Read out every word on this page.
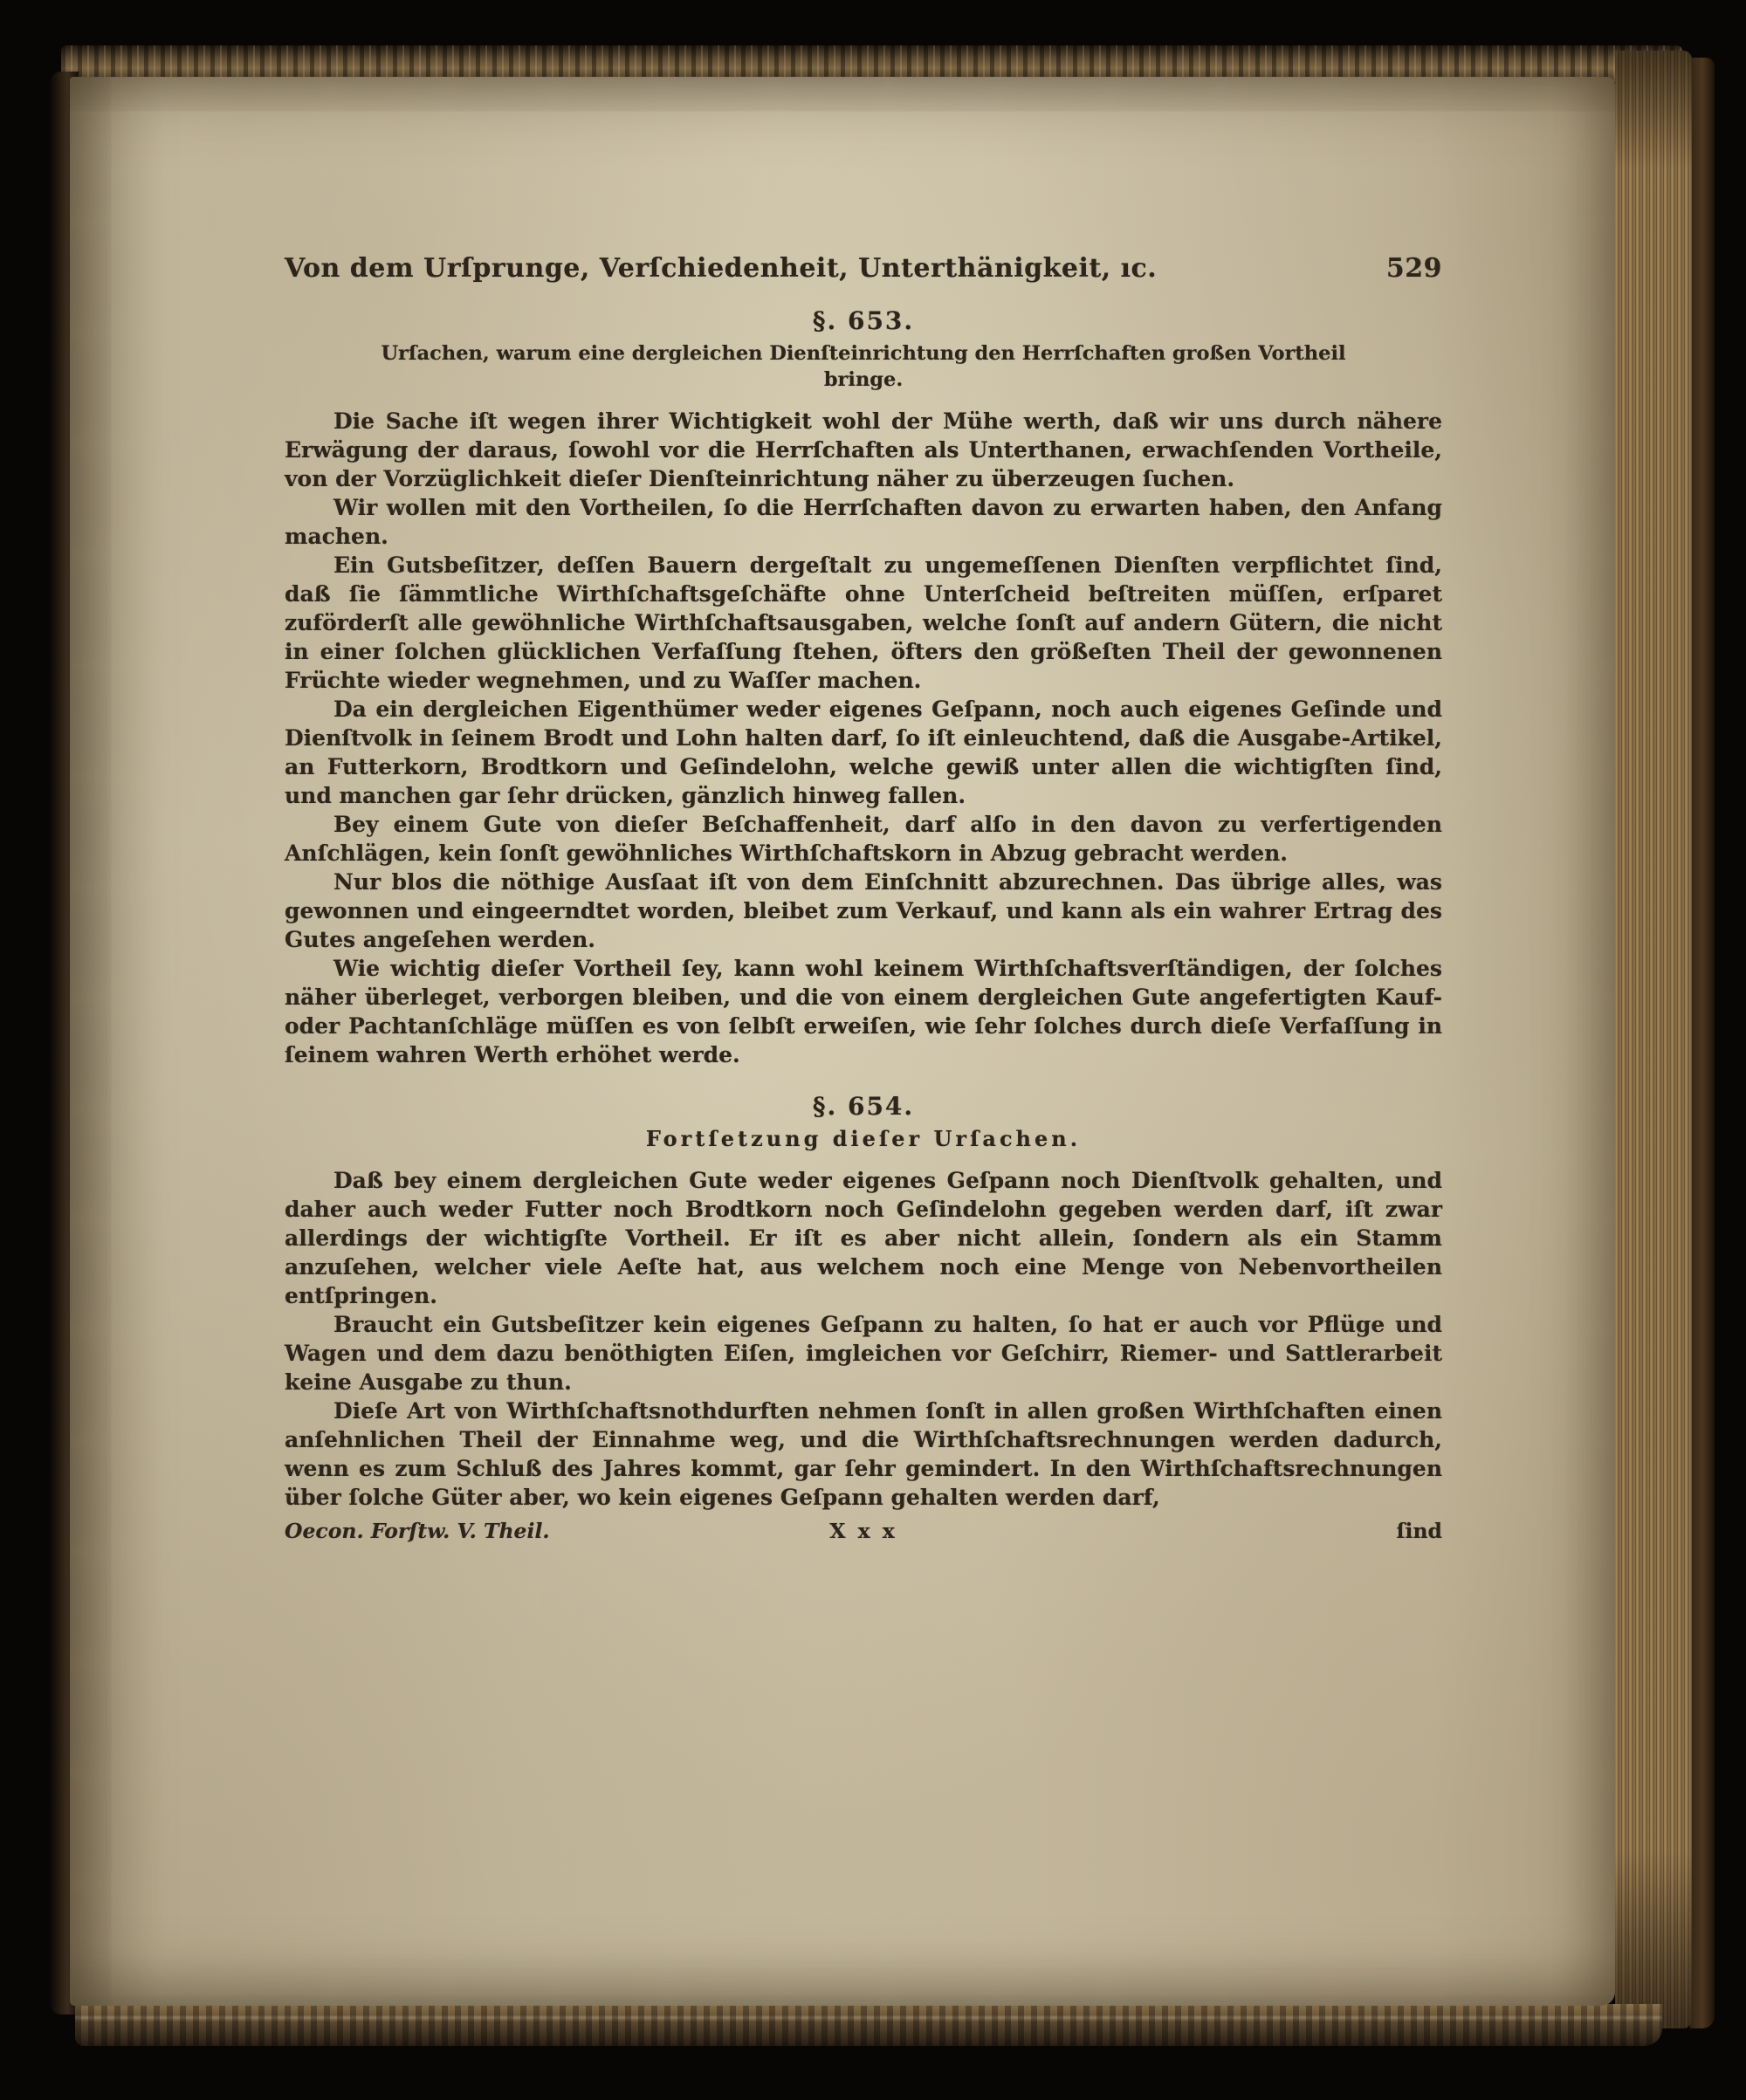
Von dem Urſprunge, Verſchiedenheit, Unterthänigkeit, ıc.	529
§. 653.
Urſachen, warum eine dergleichen Dienſteinrichtung den Herrſchaften großen Vortheil bringe.

Die Sache iſt wegen ihrer Wichtigkeit wohl der Mühe werth, daß wir uns durch nähere Erwägung der daraus, ſowohl vor die Herrſchaften als Unterthanen, erwachſenden Vortheile, von der Vorzüglichkeit dieſer Dienſteinrichtung näher zu überzeugen ſuchen.

Wir wollen mit den Vortheilen, ſo die Herrſchaften davon zu erwarten haben, den Anfang machen.

Ein Gutsbeſitzer, deſſen Bauern dergeſtalt zu ungemeſſenen Dienſten verpflichtet ſind, daß ſie ſämmtliche Wirthſchaftsgeſchäfte ohne Unterſcheid beſtreiten müſſen, erſparet zuförderſt alle gewöhnliche Wirthſchaftsausgaben, welche ſonſt auf andern Gütern, die nicht in einer ſolchen glücklichen Verfaſſung ſtehen, öfters den größeſten Theil der gewonnenen Früchte wieder wegnehmen, und zu Waſſer machen.

Da ein dergleichen Eigenthümer weder eigenes Geſpann, noch auch eigenes Geſinde und Dienſtvolk in ſeinem Brodt und Lohn halten darf, ſo iſt einleuchtend, daß die Ausgabe-Artikel, an Futterkorn, Brodtkorn und Geſindelohn, welche gewiß unter allen die wichtigſten ſind, und manchen gar ſehr drücken, gänzlich hinweg fallen.

Bey einem Gute von dieſer Beſchaffenheit, darf alſo in den davon zu verfertigenden Anſchlägen, kein ſonſt gewöhnliches Wirthſchaftskorn in Abzug gebracht werden.

Nur blos die nöthige Ausſaat iſt von dem Einſchnitt abzurechnen. Das übrige alles, was gewonnen und eingeerndtet worden, bleibet zum Verkauf, und kann als ein wahrer Ertrag des Gutes angeſehen werden.

Wie wichtig dieſer Vortheil ſey, kann wohl keinem Wirthſchaftsverſtändigen, der ſolches näher überleget, verborgen bleiben, und die von einem dergleichen Gute angefertigten Kauf- oder Pachtanſchläge müſſen es von ſelbſt erweiſen, wie ſehr ſolches durch dieſe Verfaſſung in ſeinem wahren Werth erhöhet werde.

§. 654.
Fortſetzung dieſer Urſachen.

Daß bey einem dergleichen Gute weder eigenes Geſpann noch Dienſtvolk gehalten, und daher auch weder Futter noch Brodtkorn noch Geſindelohn gegeben werden darf, iſt zwar allerdings der wichtigſte Vortheil. Er iſt es aber nicht allein, ſondern als ein Stamm anzuſehen, welcher viele Aeſte hat, aus welchem noch eine Menge von Nebenvortheilen entſpringen.

Braucht ein Gutsbeſitzer kein eigenes Geſpann zu halten, ſo hat er auch vor Pflüge und Wagen und dem dazu benöthigten Eiſen, imgleichen vor Geſchirr, Riemer- und Sattlerarbeit keine Ausgabe zu thun.

Dieſe Art von Wirthſchaftsnothdurften nehmen ſonſt in allen großen Wirthſchaften einen anſehnlichen Theil der Einnahme weg, und die Wirthſchaftsrechnungen werden dadurch, wenn es zum Schluß des Jahres kommt, gar ſehr gemindert. In den Wirthſchaftsrechnungen über ſolche Güter aber, wo kein eigenes Geſpann gehalten werden darf,

Oecon. Forſtw. V. Theil.	X x x	ſind
